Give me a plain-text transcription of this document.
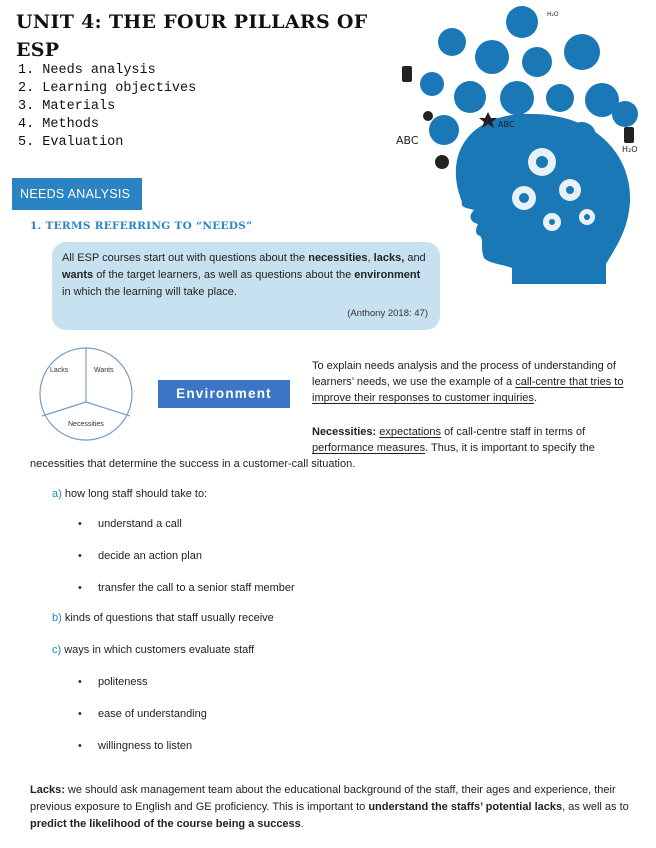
UNIT 4: THE FOUR PILLARS OF ESP
1. Needs analysis
2. Learning objectives
3. Materials
4. Methods
5. Evaluation	ABC
ABC
H₂O
H₂O
NEEDS ANALYSIS
1. TERMS REFERRING TO “NEEDS”
All ESP courses start out with questions about the necessities, lacks, and wants of the target learners, as well as questions about the environment in which the learning will take place.
(Anthony 2018: 47)
Lacks	Wants
Necessities
Environment
To explain needs analysis and the process of understanding of learners’ needs, we use the example of a call-centre that tries to improve their responses to customer inquiries.
Necessities: expectations of call-centre staff in terms of performance measures. Thus, it is important to specify the
necessities that determine the success in a customer-call situation.
a) how long staff should take to:
• understand a call
• decide an action plan
• transfer the call to a senior staff member
b) kinds of questions that staff usually receive
c) ways in which customers evaluate staff
• politeness
• ease of understanding
• willingness to listen
Lacks: we should ask management team about the educational background of the staff, their ages and experience, their previous exposure to English and GE proficiency. This is important to understand the staffs’ potential lacks, as well as to predict the likelihood of the course being a success.
